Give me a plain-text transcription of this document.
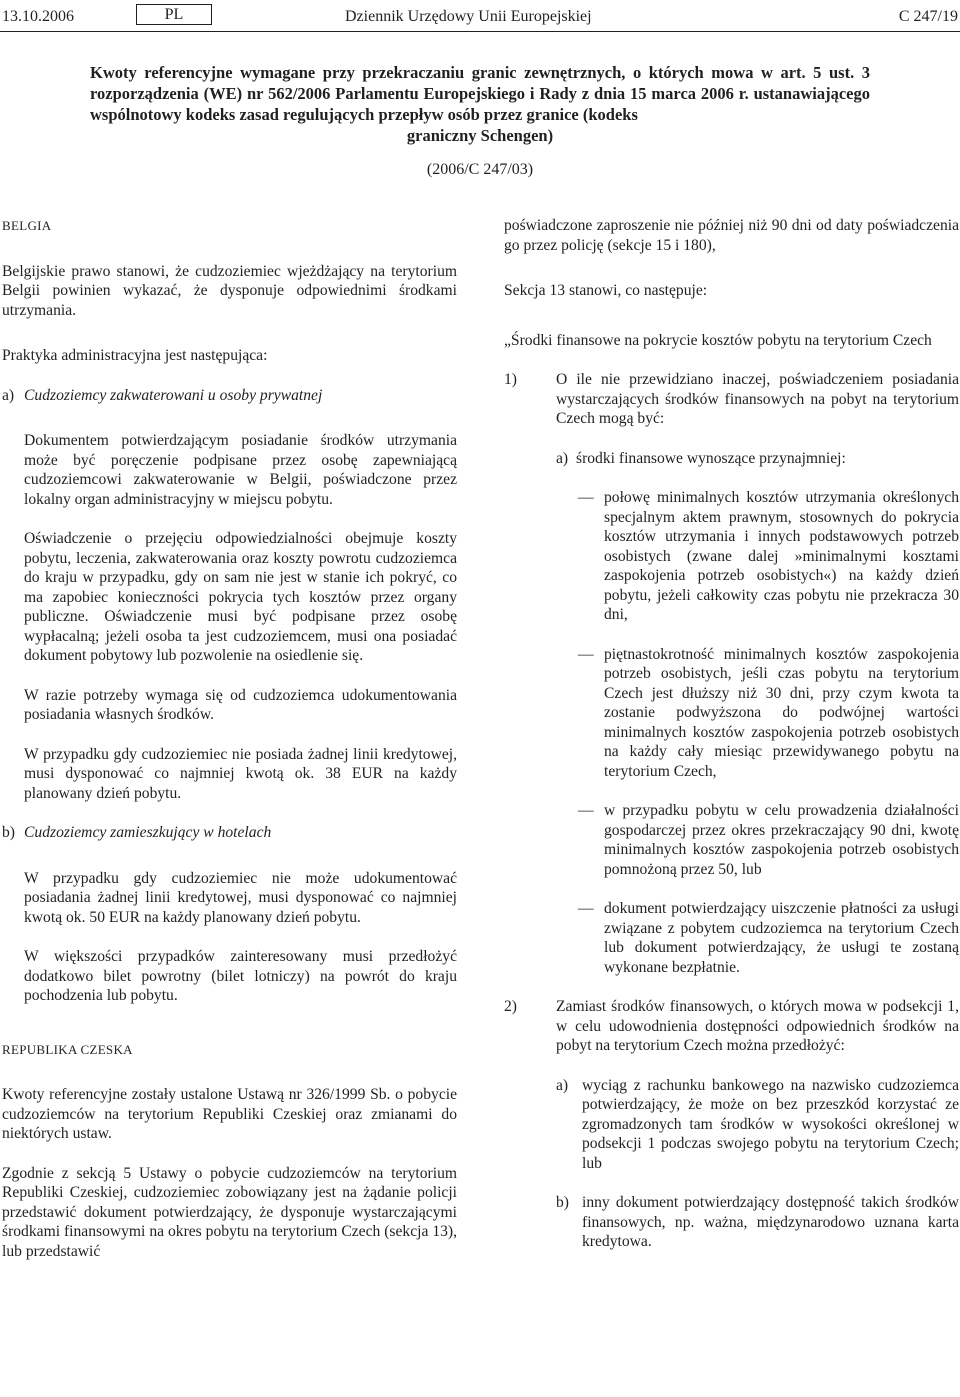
13.10.2006	PL	Dziennik Urzędowy Unii Europejskiej	C 247/19
Kwoty referencyjne wymagane przy przekraczaniu granic zewnętrznych, o których mowa w art. 5 ust. 3 rozporządzenia (WE) nr 562/2006 Parlamentu Europejskiego i Rady z dnia 15 marca 2006 r. ustanawiającego wspólnotowy kodeks zasad regulujących przepływ osób przez granice (kodeks
graniczny Schengen)
(2006/C 247/03)

BELGIA

Belgijskie prawo stanowi, że cudzoziemiec wjeżdżający na terytorium Belgii powinien wykazać, że dysponuje odpowiednimi środkami utrzymania.

Praktyka administracyjna jest następująca:

a) Cudzoziemcy zakwaterowani u osoby prywatnej

Dokumentem potwierdzającym posiadanie środków utrzymania może być poręczenie podpisane przez osobę zapewniającą cudzoziemcowi zakwaterowanie w Belgii, poświadczone przez lokalny organ administracyjny w miejscu pobytu.

Oświadczenie o przejęciu odpowiedzialności obejmuje koszty pobytu, leczenia, zakwaterowania oraz koszty powrotu cudzoziemca do kraju w przypadku, gdy on sam nie jest w stanie ich pokryć, co ma zapobiec konieczności pokrycia tych kosztów przez organy publiczne. Oświadczenie musi być podpisane przez osobę wypłacalną; jeżeli osoba ta jest cudzoziemcem, musi ona posiadać dokument pobytowy lub pozwolenie na osiedlenie się.

W razie potrzeby wymaga się od cudzoziemca udokumentowania posiadania własnych środków.

W przypadku gdy cudzoziemiec nie posiada żadnej linii kredytowej, musi dysponować co najmniej kwotą ok. 38 EUR na każdy planowany dzień pobytu.

b) Cudzoziemcy zamieszkujący w hotelach

W przypadku gdy cudzoziemiec nie może udokumentować posiadania żadnej linii kredytowej, musi dysponować co najmniej kwotą ok. 50 EUR na każdy planowany dzień pobytu.

W większości przypadków zainteresowany musi przedłożyć dodatkowo bilet powrotny (bilet lotniczy) na powrót do kraju pochodzenia lub pobytu.

REPUBLIKA CZESKA

Kwoty referencyjne zostały ustalone Ustawą nr 326/1999 Sb. o pobycie cudzoziemców na terytorium Republiki Czeskiej oraz zmianami do niektórych ustaw.

Zgodnie z sekcją 5 Ustawy o pobycie cudzoziemców na terytorium Republiki Czeskiej, cudzoziemiec zobowiązany jest na żądanie policji przedstawić dokument potwierdzający, że dysponuje wystarczającymi środkami finansowymi na okres pobytu na terytorium Czech (sekcja 13), lub przedstawić

poświadczone zaproszenie nie później niż 90 dni od daty poświadczenia go przez policję (sekcje 15 i 180),

Sekcja 13 stanowi, co następuje:

„Środki finansowe na pokrycie kosztów pobytu na terytorium Czech

1)	O ile nie przewidziano inaczej, poświadczeniem posiadania wystarczających środków finansowych na pobyt na terytorium Czech mogą być:
a) środki finansowe wynoszące przynajmniej:
— połowę minimalnych kosztów utrzymania określonych specjalnym aktem prawnym, stosownych do pokrycia kosztów utrzymania i innych podstawowych potrzeb osobistych (zwane dalej »minimalnymi kosztami zaspokojenia potrzeb osobistych«) na każdy dzień pobytu, jeżeli całkowity czas pobytu nie przekracza 30 dni,
— piętnastokrotność minimalnych kosztów zaspokojenia potrzeb osobistych, jeśli czas pobytu na terytorium Czech jest dłuższy niż 30 dni, przy czym kwota ta zostanie podwyższona do podwójnej wartości minimalnych kosztów zaspokojenia potrzeb osobistych na każdy cały miesiąc przewidywanego pobytu na terytorium Czech,
— w przypadku pobytu w celu prowadzenia działalności gospodarczej przez okres przekraczający 90 dni, kwotę minimalnych kosztów zaspokojenia potrzeb osobistych pomnożoną przez 50, lub
— dokument potwierdzający uiszczenie płatności za usługi związane z pobytem cudzoziemca na terytorium Czech lub dokument potwierdzający, że usługi te zostaną wykonane bezpłatnie.
2)	Zamiast środków finansowych, o których mowa w podsekcji 1, w celu udowodnienia dostępności odpowiednich środków na pobyt na terytorium Czech można przedłożyć:
a) wyciąg z rachunku bankowego na nazwisko cudzoziemca potwierdzający, że może on bez przeszkód korzystać ze zgromadzonych tam środków w wysokości określonej w podsekcji 1 podczas swojego pobytu na terytorium Czech; lub
b) inny dokument potwierdzający dostępność takich środków finansowych, np. ważna, międzynarodowo uznana karta kredytowa.
